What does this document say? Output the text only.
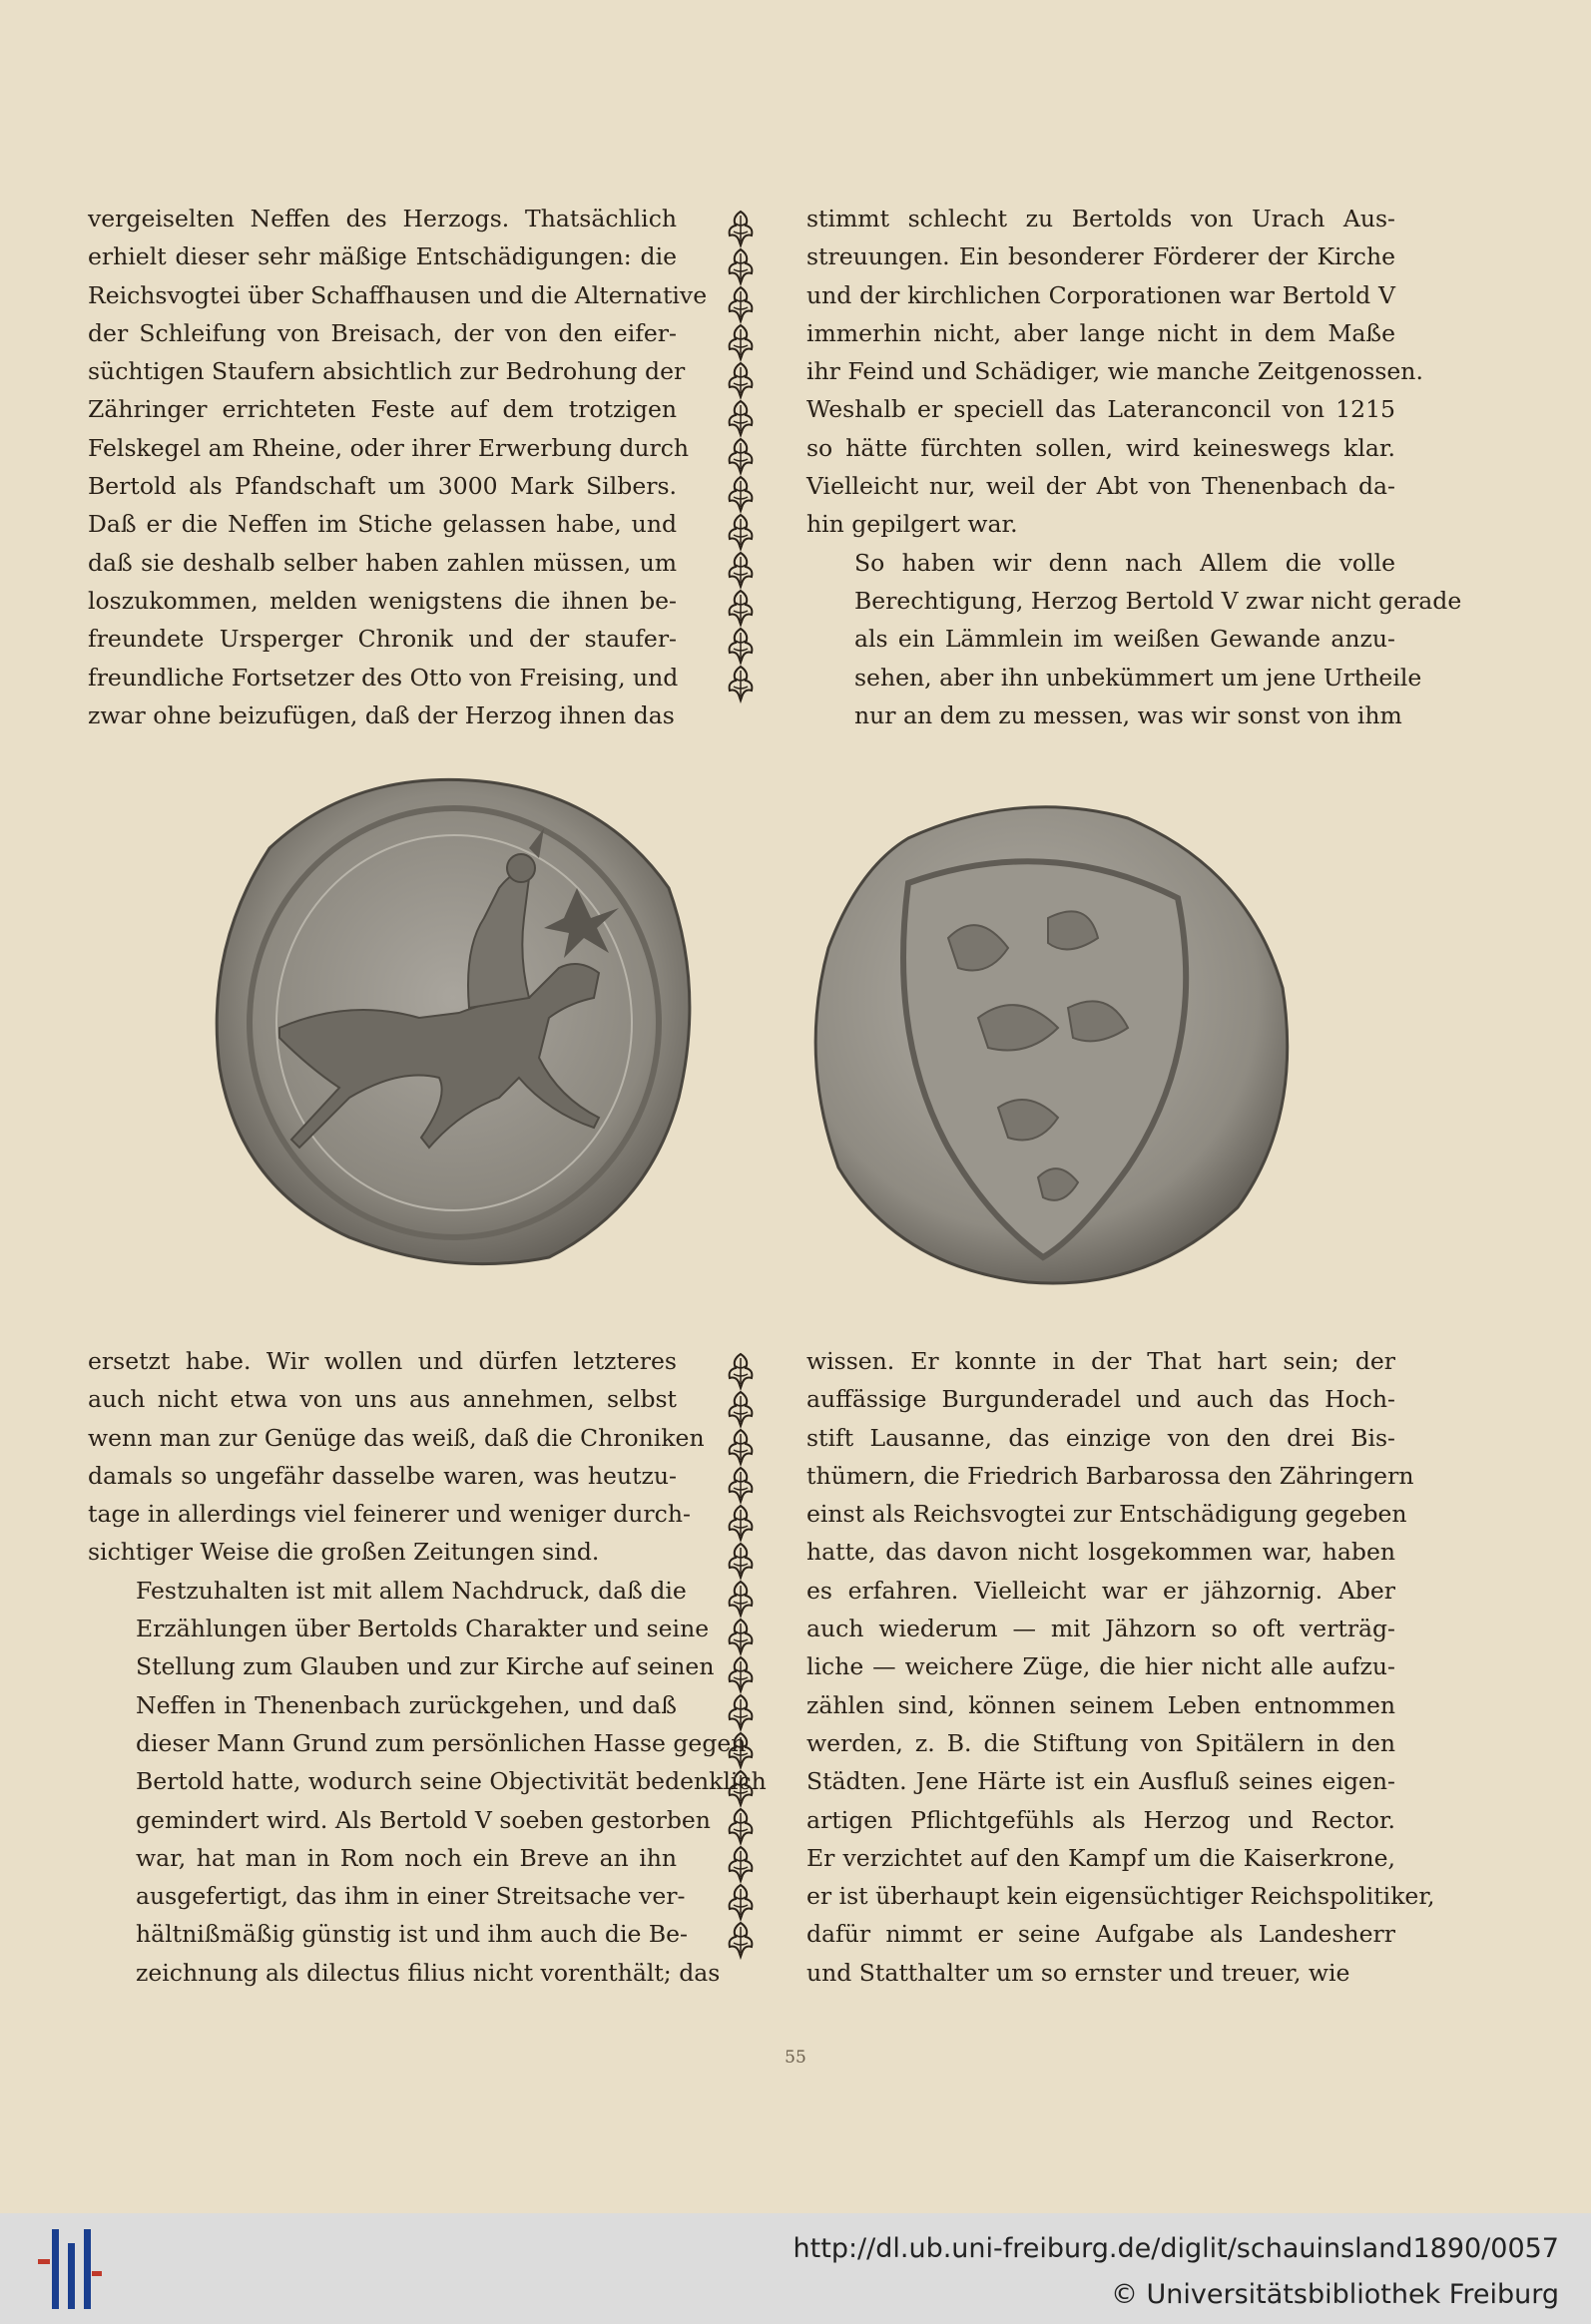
vergeiselten Neffen des Herzogs. Thatsächlich
erhielt dieser sehr mäßige Entschädigungen: die
Reichsvogtei über Schaffhausen und die Alternative
der Schleifung von Breisach, der von den eifer-
süchtigen Staufern absichtlich zur Bedrohung der
Zähringer errichteten Feste auf dem trotzigen
Felskegel am Rheine, oder ihrer Erwerbung durch
Bertold als Pfandschaft um 3000 Mark Silbers.
Daß er die Neffen im Stiche gelassen habe, und
daß sie deshalb selber haben zahlen müssen, um
loszukommen, melden wenigstens die ihnen be-
freundete Ursperger Chronik und der staufer-
freundliche Fortsetzer des Otto von Freising, und
zwar ohne beizufügen, daß der Herzog ihnen das

stimmt schlecht zu Bertolds von Urach Aus-
streuungen. Ein besonderer Förderer der Kirche
und der kirchlichen Corporationen war Bertold V
immerhin nicht, aber lange nicht in dem Maße
ihr Feind und Schädiger, wie manche Zeitgenossen.
Weshalb er speciell das Lateranconcil von 1215
so hätte fürchten sollen, wird keineswegs klar.
Vielleicht nur, weil der Abt von Thenenbach da-
hin gepilgert war.

So haben wir denn nach Allem die volle
Berechtigung, Herzog Bertold V zwar nicht gerade
als ein Lämmlein im weißen Gewande anzu-
sehen, aber ihn unbekümmert um jene Urtheile
nur an dem zu messen, was wir sonst von ihm

ersetzt habe. Wir wollen und dürfen letzteres
auch nicht etwa von uns aus annehmen, selbst
wenn man zur Genüge das weiß, daß die Chroniken
damals so ungefähr dasselbe waren, was heutzu-
tage in allerdings viel feinerer und weniger durch-
sichtiger Weise die großen Zeitungen sind.

Festzuhalten ist mit allem Nachdruck, daß die
Erzählungen über Bertolds Charakter und seine
Stellung zum Glauben und zur Kirche auf seinen
Neffen in Thenenbach zurückgehen, und daß
dieser Mann Grund zum persönlichen Hasse gegen
Bertold hatte, wodurch seine Objectivität bedenklich
gemindert wird. Als Bertold V soeben gestorben
war, hat man in Rom noch ein Breve an ihn
ausgefertigt, das ihm in einer Streitsache ver-
hältnißmäßig günstig ist und ihm auch die Be-
zeichnung als dilectus filius nicht vorenthält; das

wissen. Er konnte in der That hart sein; der
auffässige Burgunderadel und auch das Hoch-
stift Lausanne, das einzige von den drei Bis-
thümern, die Friedrich Barbarossa den Zähringern
einst als Reichsvogtei zur Entschädigung gegeben
hatte, das davon nicht losgekommen war, haben
es erfahren. Vielleicht war er jähzornig. Aber
auch wiederum — mit Jähzorn so oft verträg-
liche — weichere Züge, die hier nicht alle aufzu-
zählen sind, können seinem Leben entnommen
werden, z. B. die Stiftung von Spitälern in den
Städten. Jene Härte ist ein Ausfluß seines eigen-
artigen Pflichtgefühls als Herzog und Rector.
Er verzichtet auf den Kampf um die Kaiserkrone,
er ist überhaupt kein eigensüchtiger Reichspolitiker,
dafür nimmt er seine Aufgabe als Landesherr
und Statthalter um so ernster und treuer, wie

55
http://dl.ub.uni-freiburg.de/diglit/schauinsland1890/0057
© Universitätsbibliothek Freiburg
